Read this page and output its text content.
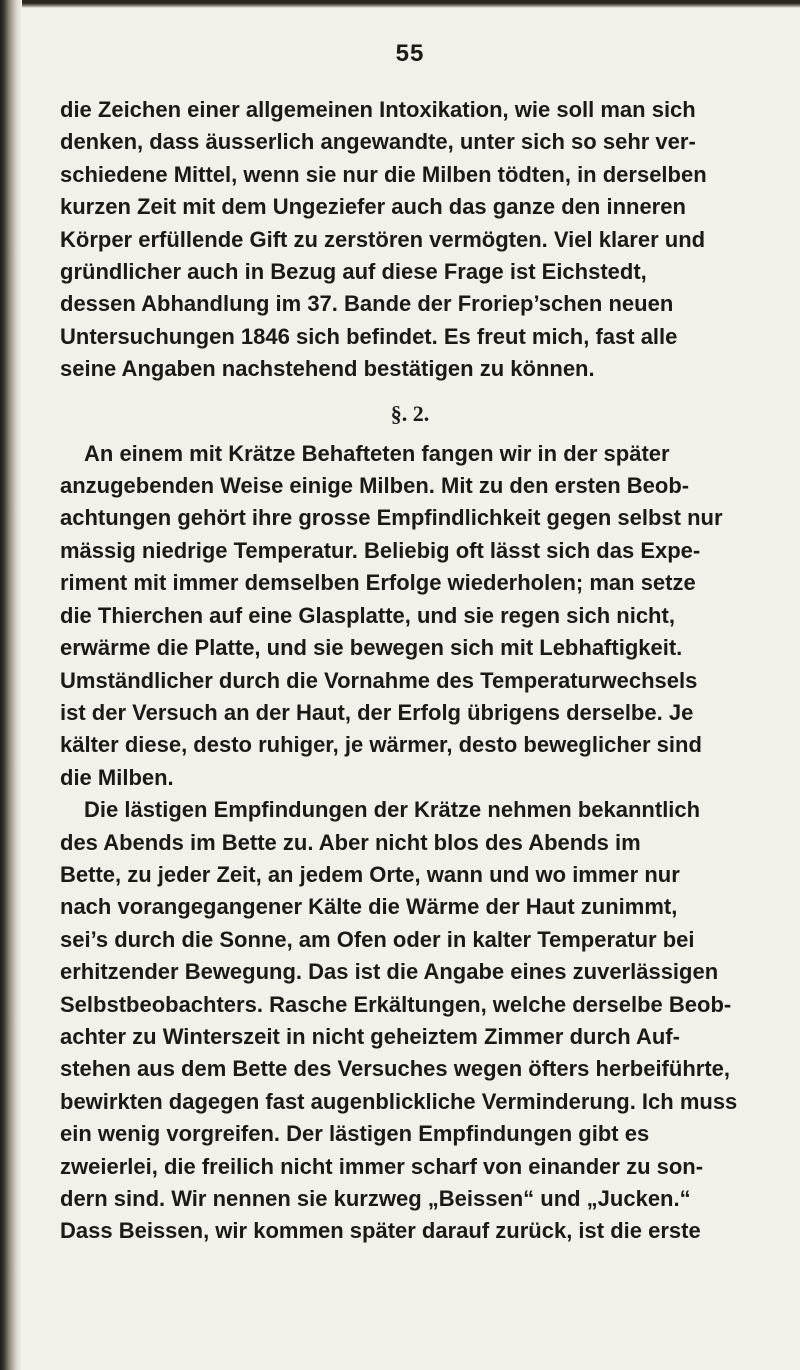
55
die Zeichen einer allgemeinen Intoxikation, wie soll man sich
denken, dass äusserlich angewandte, unter sich so sehr ver-
schiedene Mittel, wenn sie nur die Milben tödten, in derselben
kurzen Zeit mit dem Ungeziefer auch das ganze den inneren
Körper erfüllende Gift zu zerstören vermögten. Viel klarer und
gründlicher auch in Bezug auf diese Frage ist Eichstedt,
dessen Abhandlung im 37. Bande der Froriep’schen neuen
Untersuchungen 1846 sich befindet. Es freut mich, fast alle
seine Angaben nachstehend bestätigen zu können.
§. 2.
An einem mit Krätze Behafteten fangen wir in der später
anzugebenden Weise einige Milben. Mit zu den ersten Beob-
achtungen gehört ihre grosse Empfindlichkeit gegen selbst nur
mässig niedrige Temperatur. Beliebig oft lässt sich das Expe-
riment mit immer demselben Erfolge wiederholen; man setze
die Thierchen auf eine Glasplatte, und sie regen sich nicht,
erwärme die Platte, und sie bewegen sich mit Lebhaftigkeit.
Umständlicher durch die Vornahme des Temperaturwechsels
ist der Versuch an der Haut, der Erfolg übrigens derselbe. Je
kälter diese, desto ruhiger, je wärmer, desto beweglicher sind
die Milben.
Die lästigen Empfindungen der Krätze nehmen bekanntlich
des Abends im Bette zu. Aber nicht blos des Abends im
Bette, zu jeder Zeit, an jedem Orte, wann und wo immer nur
nach vorangegangener Kälte die Wärme der Haut zunimmt,
sei’s durch die Sonne, am Ofen oder in kalter Temperatur bei
erhitzender Bewegung. Das ist die Angabe eines zuverlässigen
Selbstbeobachters. Rasche Erkältungen, welche derselbe Beob-
achter zu Winterszeit in nicht geheiztem Zimmer durch Auf-
stehen aus dem Bette des Versuches wegen öfters herbeiführte,
bewirkten dagegen fast augenblickliche Verminderung. Ich muss
ein wenig vorgreifen. Der lästigen Empfindungen gibt es
zweierlei, die freilich nicht immer scharf von einander zu son-
dern sind. Wir nennen sie kurzweg „Beissen“ und „Jucken.“
Dass Beissen, wir kommen später darauf zurück, ist die erste
